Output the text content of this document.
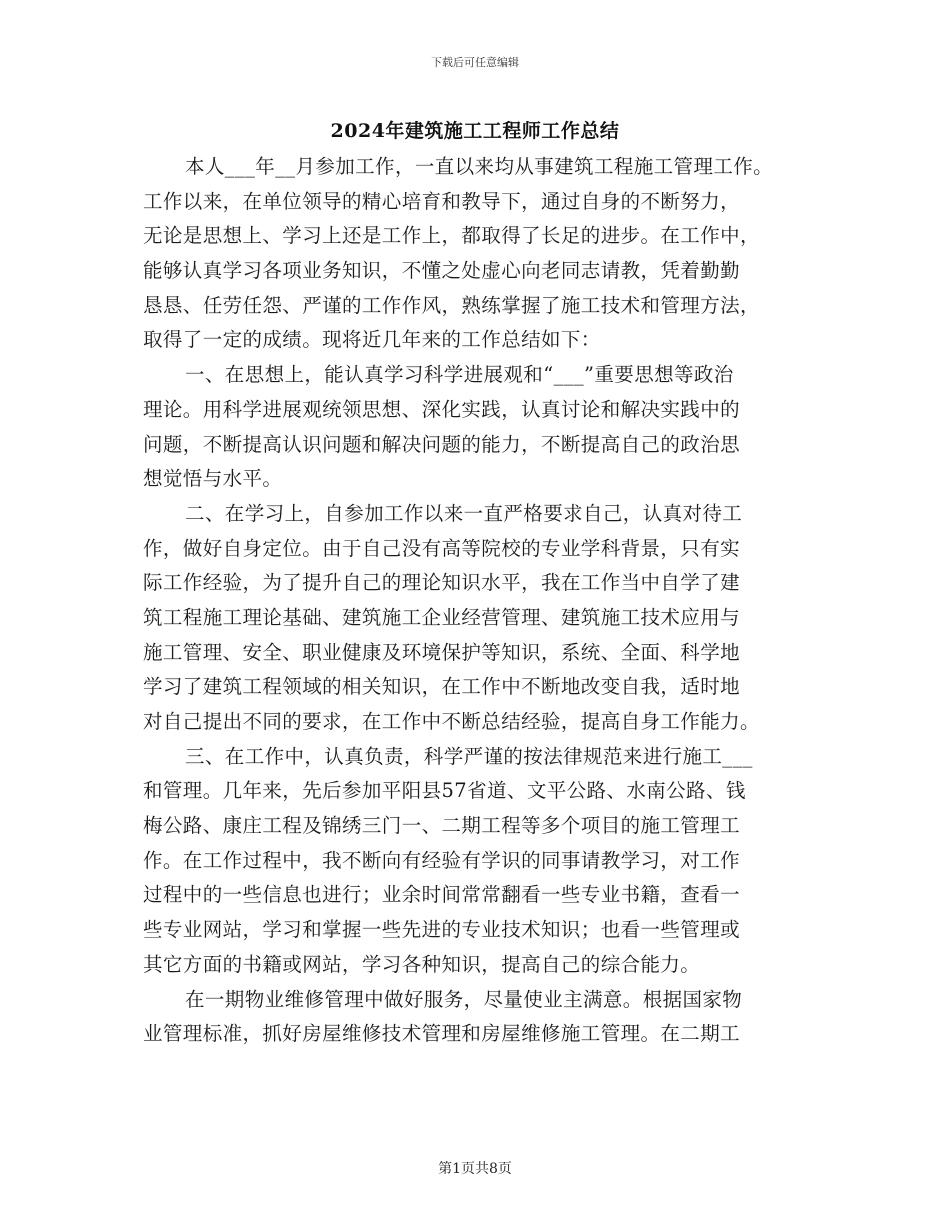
下载后可任意编辑
2024年建筑施工工程师工作总结
本人___年__月参加工作，一直以来均从事建筑工程施工管理工作。
工作以来，在单位领导的精心培育和教导下，通过自身的不断努力，
无论是思想上、学习上还是工作上，都取得了长足的进步。在工作中，
能够认真学习各项业务知识，不懂之处虚心向老同志请教，凭着勤勤
恳恳、任劳任怨、严谨的工作作风，熟练掌握了施工技术和管理方法，
取得了一定的成绩。现将近几年来的工作总结如下：
一、在思想上，能认真学习科学进展观和“___”重要思想等政治
理论。用科学进展观统领思想、深化实践，认真讨论和解决实践中的
问题，不断提高认识问题和解决问题的能力，不断提高自己的政治思
想觉悟与水平。
二、在学习上，自参加工作以来一直严格要求自己，认真对待工
作，做好自身定位。由于自己没有高等院校的专业学科背景，只有实
际工作经验，为了提升自己的理论知识水平，我在工作当中自学了建
筑工程施工理论基础、建筑施工企业经营管理、建筑施工技术应用与
施工管理、安全、职业健康及环境保护等知识，系统、全面、科学地
学习了建筑工程领域的相关知识，在工作中不断地改变自我，适时地
对自己提出不同的要求，在工作中不断总结经验，提高自身工作能力。
三、在工作中，认真负责，科学严谨的按法律规范来进行施工___
和管理。几年来，先后参加平阳县57省道、文平公路、水南公路、钱
梅公路、康庄工程及锦绣三门一、二期工程等多个项目的施工管理工
作。在工作过程中，我不断向有经验有学识的同事请教学习，对工作
过程中的一些信息也进行；业余时间常常翻看一些专业书籍，查看一
些专业网站，学习和掌握一些先进的专业技术知识；也看一些管理或
其它方面的书籍或网站，学习各种知识，提高自己的综合能力。
在一期物业维修管理中做好服务，尽量使业主满意。根据国家物
业管理标准，抓好房屋维修技术管理和房屋维修施工管理。在二期工
第1页共8页
